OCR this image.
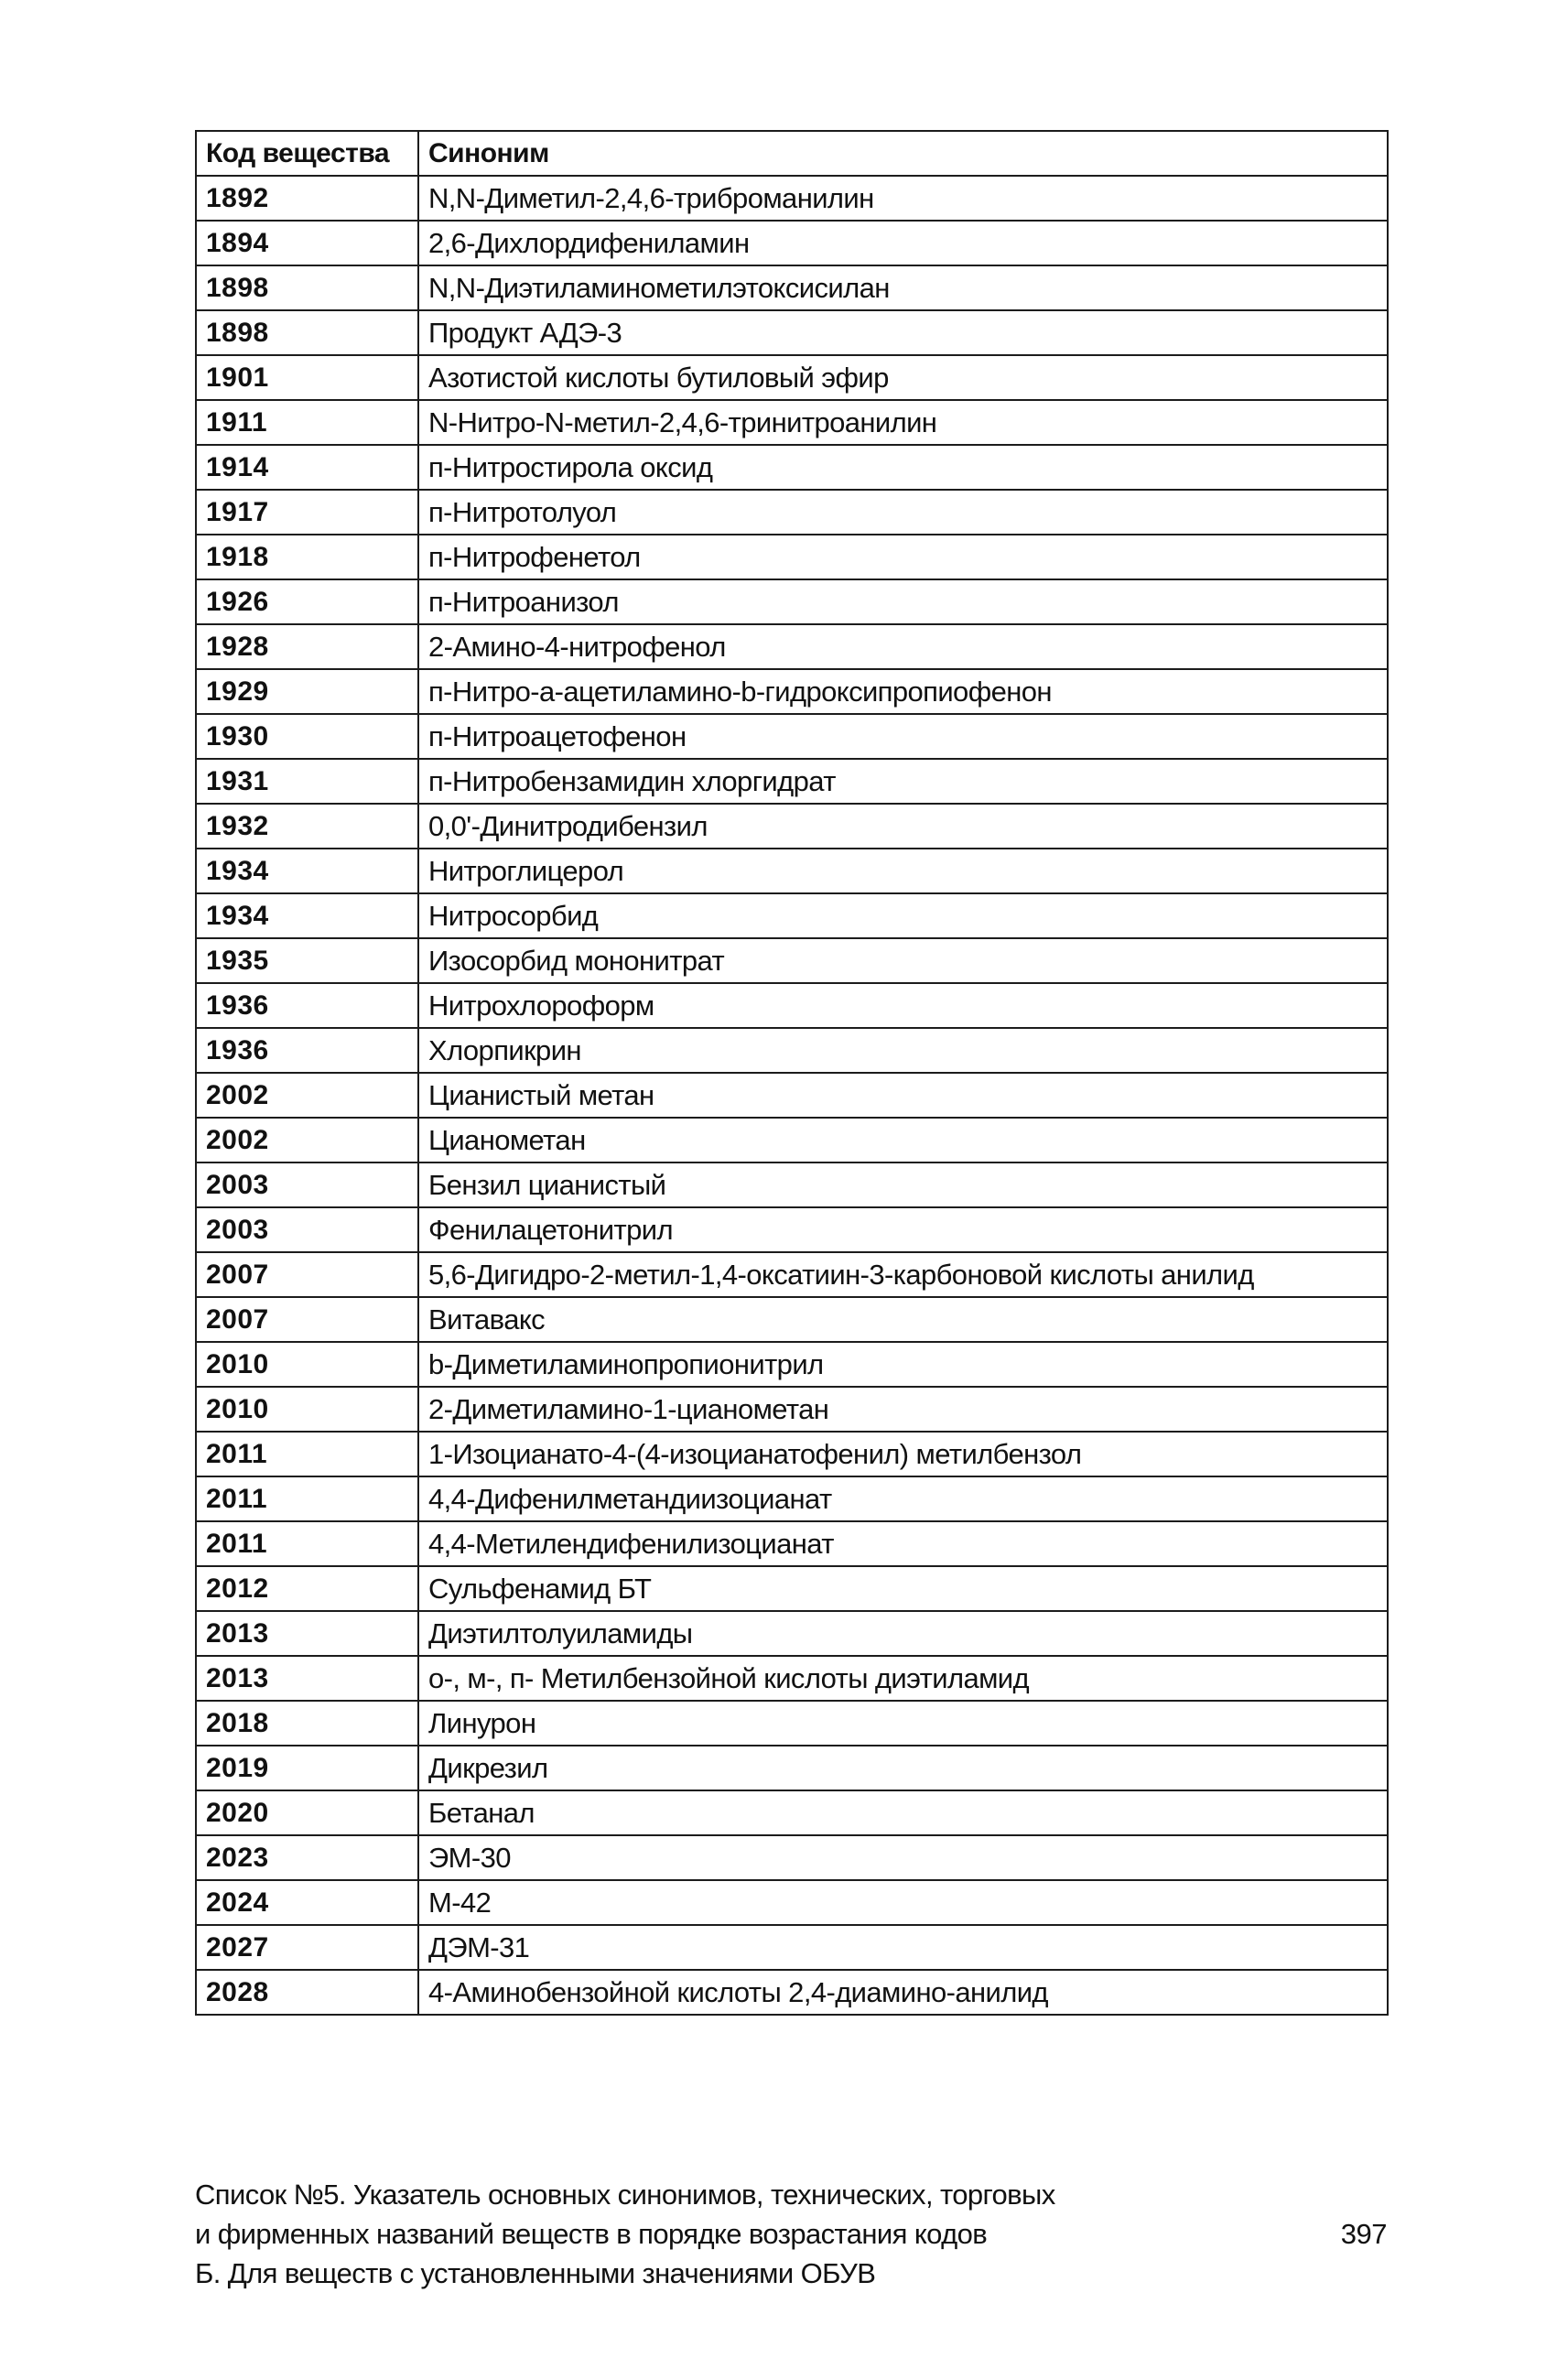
Код вещества	Синоним
1892	N,N-Диметил-2,4,6-триброманилин
1894	2,6-Дихлордифениламин
1898	N,N-Диэтиламинометилэтоксисилан
1898	Продукт АДЭ-3
1901	Азотистой кислоты бутиловый эфир
1911	N-Нитро-N-метил-2,4,6-тринитроанилин
1914	п-Нитростирола оксид
1917	п-Нитротолуол
1918	п-Нитрофенетол
1926	п-Нитроанизол
1928	2-Амино-4-нитрофенол
1929	п-Нитро-а-ацетиламино-b-гидроксипропиофенон
1930	п-Нитроацетофенон
1931	п-Нитробензамидин хлоргидрат
1932	0,0'-Динитродибензил
1934	Нитроглицерол
1934	Нитросорбид
1935	Изосорбид мононитрат
1936	Нитрохлороформ
1936	Хлорпикрин
2002	Цианистый метан
2002	Цианометан
2003	Бензил цианистый
2003	Фенилацетонитрил
2007	5,6-Дигидро-2-метил-1,4-оксатиин-3-карбоновой кислоты анилид
2007	Витавакс
2010	b-Диметиламинопропионитрил
2010	2-Диметиламино-1-цианометан
2011	1-Изоцианато-4-(4-изоцианатофенил) метилбензол
2011	4,4-Дифенилметандиизоцианат
2011	4,4-Метилендифенилизоцианат
2012	Сульфенамид БТ
2013	Диэтилтолуиламиды
2013	о-, м-, п- Метилбензойной кислоты диэтиламид
2018	Линурон
2019	Дикрезил
2020	Бетанал
2023	ЭМ-30
2024	М-42
2027	ДЭМ-31
2028	4-Аминобензойной кислоты 2,4-диамино-анилид
Список №5. Указатель основных синонимов, технических, торговых
и фирменных названий веществ в порядке возрастания кодов
Б. Для веществ с установленными значениями ОБУВ
397
